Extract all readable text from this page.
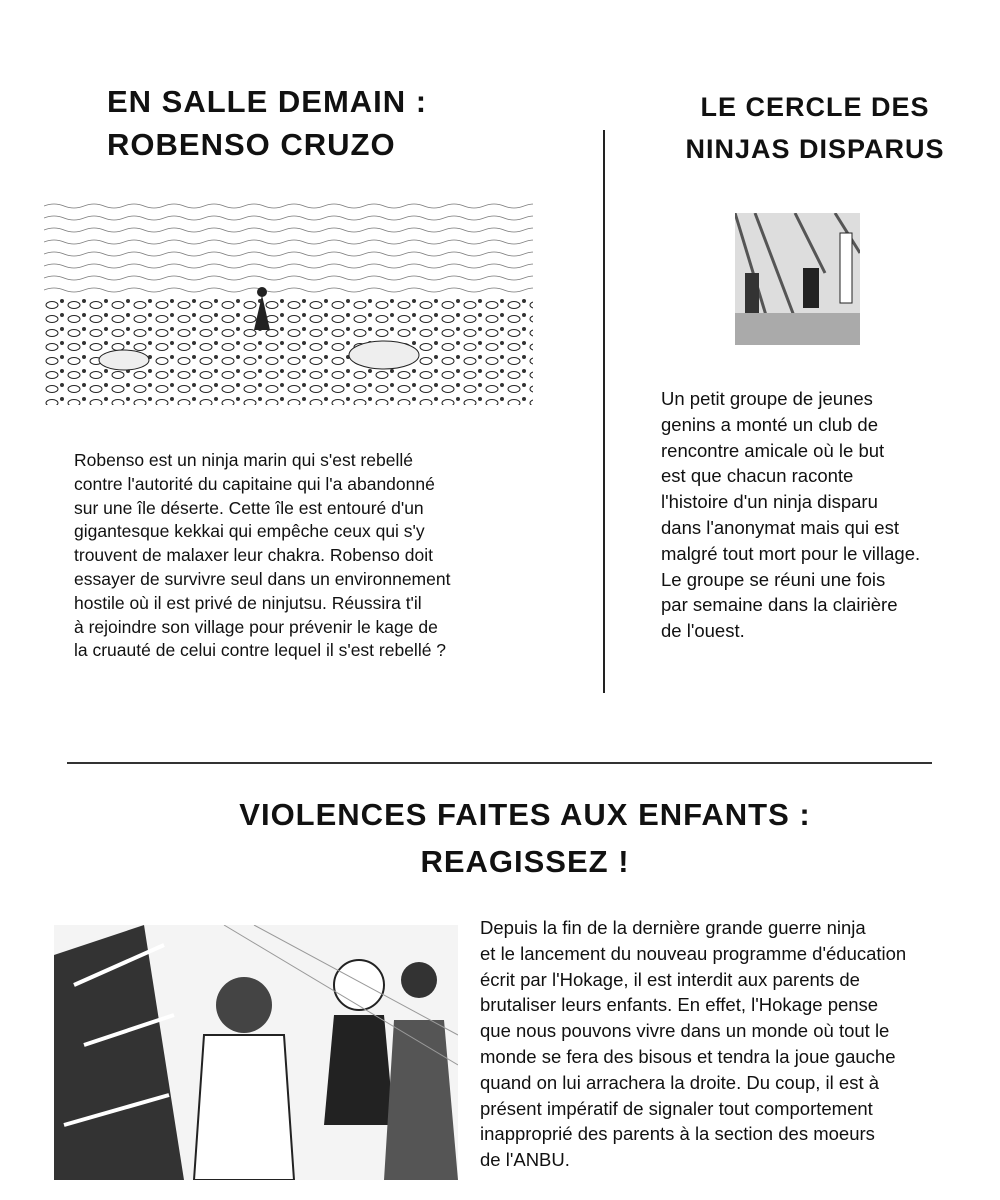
EN SALLE DEMAIN :
ROBENSO CRUZO
Robenso est un ninja marin qui s'est rebellé
contre l'autorité du capitaine qui l'a abandonné
sur une île déserte. Cette île est entouré d'un
gigantesque kekkai qui empêche ceux qui s'y
trouvent de malaxer leur chakra. Robenso doit
essayer de survivre seul dans un environnement
hostile où il est privé de ninjutsu. Réussira t'il
à rejoindre son village pour prévenir le kage de
la cruauté de celui contre lequel il s'est rebellé ?
LE CERCLE DES
NINJAS DISPARUS
Un petit groupe de jeunes
genins a monté un club de
rencontre amicale où le but
est que chacun raconte
l'histoire d'un ninja disparu
dans l'anonymat mais qui est
malgré tout mort pour le village.
Le groupe se réuni une fois
par semaine dans la clairière
de l'ouest.
VIOLENCES FAITES AUX ENFANTS :
REAGISSEZ !
Depuis la fin de la dernière grande guerre ninja
et le lancement du nouveau programme d'éducation
écrit par l'Hokage, il est interdit aux parents de
brutaliser leurs enfants. En effet, l'Hokage pense
que nous pouvons vivre dans un monde où tout le
monde se fera des bisous et tendra la joue gauche
quand on lui arrachera la droite. Du coup, il est à
présent impératif de signaler tout comportement
inapproprié des parents à la section des moeurs
de l'ANBU.
